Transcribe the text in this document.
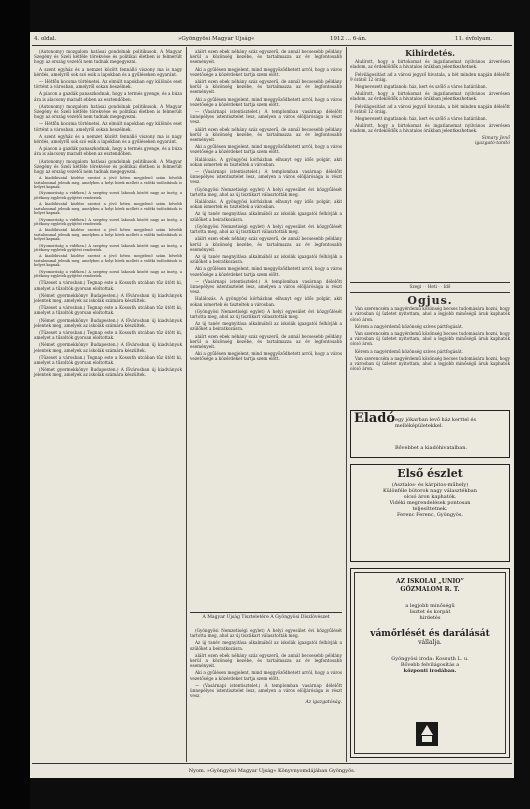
4. oldal.	»Gyöngyösi Magyar Ujság«	1912 ... 6-án.	11. évfolyam.

(Autonomy) mozgalom hatásai gondolnak politikusok. A Magyar Szegény és Szeli kétféle törekvése és politikai életben is felmerült hogy az ország vezetői nem tudnak megegyezni.

A szent egyház és a nemzet között fennálló viszony ma is nagy kérdés, amelyről sok szó esik a lapokban és a gyűléseken egyaránt.

— Hétfőn kocsma történetei. Az elmúlt napokban egy különös eset történt a városban, amelyről sokan beszélnek.

A piacon a gazdák panaszkodnak, hogy a termés gyenge, és a búza ára is alacsony maradt ebben az esztendőben.

(Autonomy) mozgalom hatásai gondolnak politikusok. A Magyar Szegény és Szeli kétféle törekvése és politikai életben is felmerült hogy az ország vezetői nem tudnak megegyezni.

— Hétfőn kocsma történetei. Az elmúlt napokban egy különös eset történt a városban, amelyről sokan beszélnek.

A szent egyház és a nemzet között fennálló viszony ma is nagy kérdés, amelyről sok szó esik a lapokban és a gyűléseken egyaránt.

A piacon a gazdák panaszkodnak, hogy a termés gyenge, és a búza ára is alacsony maradt ebben az esztendőben.

(Autonomy) mozgalom hatásai gondolnak politikusok. A Magyar Szegény és Szeli kétféle törekvése és politikai életben is felmerült hogy az ország vezetői nem tudnak megegyezni.

A kiadóhivatal közlése szerint a jövő héten megjelenő szám bővebb tartalommal jelenik meg, amelyben a helyi hírek mellett a vidéki tudósítások is helyet kapnak.

(Nyomorúság a vidéken.) A szegény sorsú lakosok között nagy az ínség, a jótékony egyletek gyűjtést rendeztek.

A kiadóhivatal közlése szerint a jövő héten megjelenő szám bővebb tartalommal jelenik meg, amelyben a helyi hírek mellett a vidéki tudósítások is helyet kapnak.

(Nyomorúság a vidéken.) A szegény sorsú lakosok között nagy az ínség, a jótékony egyletek gyűjtést rendeztek.

A kiadóhivatal közlése szerint a jövő héten megjelenő szám bővebb tartalommal jelenik meg, amelyben a helyi hírek mellett a vidéki tudósítások is helyet kapnak.

(Nyomorúság a vidéken.) A szegény sorsú lakosok között nagy az ínség, a jótékony egyletek gyűjtést rendeztek.

A kiadóhivatal közlése szerint a jövő héten megjelenő szám bővebb tartalommal jelenik meg, amelyben a helyi hírek mellett a vidéki tudósítások is helyet kapnak.

(Nyomorúság a vidéken.) A szegény sorsú lakosok között nagy az ínség, a jótékony egyletek gyűjtést rendeztek.

(Tűzeset a városban.) Tegnap este a Kossuth utcában tűz ütött ki, amelyet a tűzoltók gyorsan eloltottak.

(Német gyermekkönyv Budapesten.) A fővárosban új kiadványok jelentek meg, amelyek az iskolák számára készültek.

(Tűzeset a városban.) Tegnap este a Kossuth utcában tűz ütött ki, amelyet a tűzoltók gyorsan eloltottak.

(Német gyermekkönyv Budapesten.) A fővárosban új kiadványok jelentek meg, amelyek az iskolák számára készültek.

(Tűzeset a városban.) Tegnap este a Kossuth utcában tűz ütött ki, amelyet a tűzoltók gyorsan eloltottak.

(Német gyermekkönyv Budapesten.) A fővárosban új kiadványok jelentek meg, amelyek az iskolák számára készültek.

(Tűzeset a városban.) Tegnap este a Kossuth utcában tűz ütött ki, amelyet a tűzoltók gyorsan eloltottak.

(Német gyermekkönyv Budapesten.) A fővárosban új kiadványok jelentek meg, amelyek az iskolák számára készültek.

aláírt ezen ebek néhány száz egyszerű, de annál becsesebb példány kerül a közönség kezébe, és tartalmazza az év legfontosabb eseményeit.

Aki a gyűlésen megjelent, mind meggyőződhetett arról, hogy a város vezetősége a közérdeket tartja szem előtt.

aláírt ezen ebek néhány száz egyszerű, de annál becsesebb példány kerül a közönség kezébe, és tartalmazza az év legfontosabb eseményeit.

Aki a gyűlésen megjelent, mind meggyőződhetett arról, hogy a város vezetősége a közérdeket tartja szem előtt.

— (Vasárnapi istentisztelet.) A templomban vasárnap délelőtt ünnepélyes istentisztelet lesz, amelyen a város elöljárósága is részt vesz.

aláírt ezen ebek néhány száz egyszerű, de annál becsesebb példány kerül a közönség kezébe, és tartalmazza az év legfontosabb eseményeit.

Aki a gyűlésen megjelent, mind meggyőződhetett arról, hogy a város vezetősége a közérdeket tartja szem előtt.

Halálozás. A gyöngyösi kórházban elhunyt egy idős polgár, akit sokan ismertek és tiszteltek a városban.

— (Vasárnapi istentisztelet.) A templomban vasárnap délelőtt ünnepélyes istentisztelet lesz, amelyen a város elöljárósága is részt vesz.

(Gyöngyösi Nemzetiségi egylet) A helyi egyesület évi közgyűlését tartotta meg, ahol az új tisztikart választották meg.

Halálozás. A gyöngyösi kórházban elhunyt egy idős polgár, akit sokan ismertek és tiszteltek a városban.

Az új tanév megnyitása alkalmából az iskolák igazgatói felhívják a szülőket a beiratkozásra.

(Gyöngyösi Nemzetiségi egylet) A helyi egyesület évi közgyűlését tartotta meg, ahol az új tisztikart választották meg.

aláírt ezen ebek néhány száz egyszerű, de annál becsesebb példány kerül a közönség kezébe, és tartalmazza az év legfontosabb eseményeit.

Az új tanév megnyitása alkalmából az iskolák igazgatói felhívják a szülőket a beiratkozásra.

Aki a gyűlésen megjelent, mind meggyőződhetett arról, hogy a város vezetősége a közérdeket tartja szem előtt.

— (Vasárnapi istentisztelet.) A templomban vasárnap délelőtt ünnepélyes istentisztelet lesz, amelyen a város elöljárósága is részt vesz.

Halálozás. A gyöngyösi kórházban elhunyt egy idős polgár, akit sokan ismertek és tiszteltek a városban.

(Gyöngyösi Nemzetiségi egylet) A helyi egyesület évi közgyűlését tartotta meg, ahol az új tisztikart választották meg.

Az új tanév megnyitása alkalmából az iskolák igazgatói felhívják a szülőket a beiratkozásra.

aláírt ezen ebek néhány száz egyszerű, de annál becsesebb példány kerül a közönség kezébe, és tartalmazza az év legfontosabb eseményeit.

Aki a gyűlésen megjelent, mind meggyőződhetett arról, hogy a város vezetősége a közérdeket tartja szem előtt.

A Magyar Ujság Tiszteletére A Gyöngyösi Díszlövészet

(Gyöngyösi Nemzetiségi egylet) A helyi egyesület évi közgyűlését tartotta meg, ahol az új tisztikart választották meg.

Az új tanév megnyitása alkalmából az iskolák igazgatói felhívják a szülőket a beiratkozásra.

aláírt ezen ebek néhány száz egyszerű, de annál becsesebb példány kerül a közönség kezébe, és tartalmazza az év legfontosabb eseményeit.

Aki a gyűlésen megjelent, mind meggyőződhetett arról, hogy a város vezetősége a közérdeket tartja szem előtt.

— (Vasárnapi istentisztelet.) A templomban vasárnap délelőtt ünnepélyes istentisztelet lesz, amelyen a város elöljárósága is részt vesz.

Az igazgatóság.
Kihirdetés.

Alulírott, hogy a birtokomat és ingatlanomat nyilvános árverésen eladom, az érdeklődők a hivatalos órákban jelentkezhetnek.

Felvilágosítást ad a városi jegyző hivatala, a hét minden napján délelőtt 9 órától 12 óráig.

Megnevezett ingatlanok: ház, kert és szőlő a város határában.

Alulírott, hogy a birtokomat és ingatlanomat nyilvános árverésen eladom, az érdeklődők a hivatalos órákban jelentkezhetnek.

Felvilágosítást ad a városi jegyző hivatala, a hét minden napján délelőtt 9 órától 12 óráig.

Megnevezett ingatlanok: ház, kert és szőlő a város határában.

Alulírott, hogy a birtokomat és ingatlanomat nyilvános árverésen eladom, az érdeklődők a hivatalos órákban jelentkezhetnek.

Simary Jenő
igazgató-tanító
Szegi · · Heti · · Idő
Ogjus.

Van szerencsém a nagyérdemű közönség becses tudomására hozni, hogy a városban új üzletet nyitottam, ahol a legjobb minőségű áruk kaphatók olcsó áron.

Kérem a nagyérdemű közönség szíves pártfogását.

Van szerencsém a nagyérdemű közönség becses tudomására hozni, hogy a városban új üzletet nyitottam, ahol a legjobb minőségű áruk kaphatók olcsó áron.

Kérem a nagyérdemű közönség szíves pártfogását.

Van szerencsém a nagyérdemű közönség becses tudomására hozni, hogy a városban új üzletet nyitottam, ahol a legjobb minőségű áruk kaphatók olcsó áron.

Eladó egy jókarban levő ház kerttel és melléképületekkel.
Bővebbet a kiadóhivatalban.
Első észlet
(Asztalos- és kárpitos-műhely)
Különféle bútorok nagy választékban
olcsó áron kaphatók.
Vidéki megrendelések pontosan
teljesíttetnek.
Ferenc Ferenc, Gyöngyös.
AZ ISKOLAI „UNIO”
GŐZMALOM R. T.
a legjobb minőségű
lisztet és korpát
hirdetés
vámőrlését és darálását
vállalja.
Gyöngyösi iroda: Kossuth L. u.
Bővebb felvilágosítás a
központi irodában.
Nyom. »Gyöngyösi Magyar Ujság« Könyvnyomdájában Gyöngyös.
